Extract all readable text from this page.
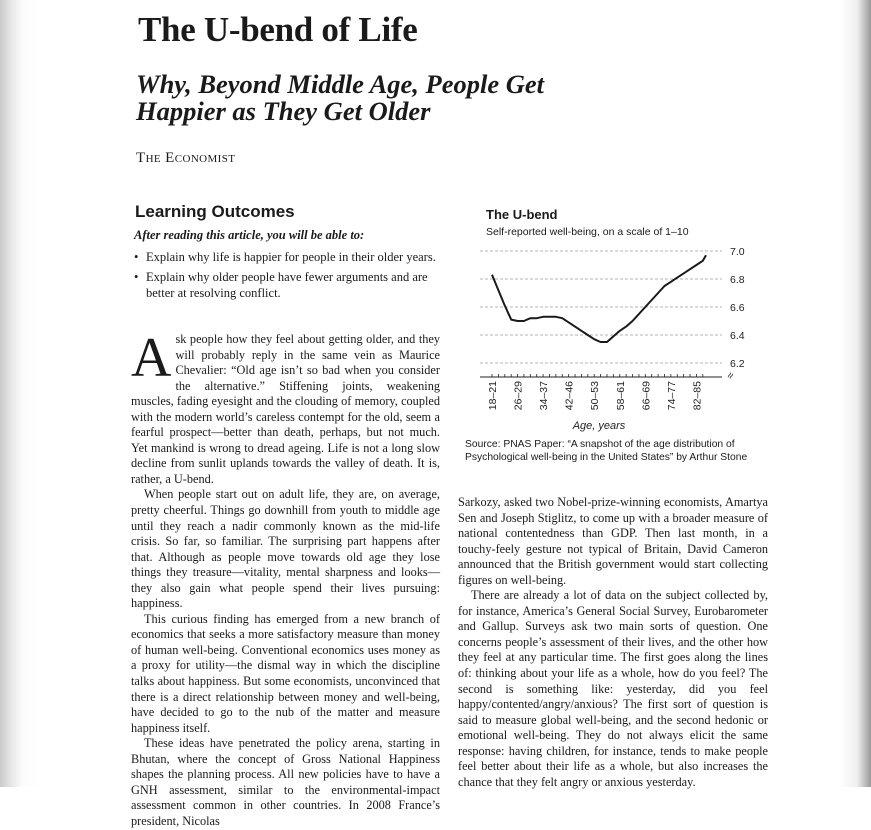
The U-bend of Life
Why, Beyond Middle Age, People Get Happier as They Get Older
The Economist
Learning Outcomes
After reading this article, you will be able to:
• Explain why life is happier for people in their older years.
• Explain why older people have fewer arguments and are better at resolving conflict.

Ask people how they feel about getting older, and they will probably reply in the same vein as Maurice Chevalier: “Old age isn’t so bad when you consider the alternative.” Stiffening joints, weakening muscles, fading eyesight and the clouding of memory, coupled with the modern world’s careless contempt for the old, seem a fearful prospect—better than death, perhaps, but not much. Yet mankind is wrong to dread ageing. Life is not a long slow decline from sunlit uplands towards the valley of death. It is, rather, a U-bend.

When people start out on adult life, they are, on average, pretty cheerful. Things go downhill from youth to middle age until they reach a nadir commonly known as the mid-life crisis. So far, so familiar. The surprising part happens after that. Although as people move towards old age they lose things they treasure—vitality, mental sharpness and looks—they also gain what people spend their lives pursuing: happiness.

This curious finding has emerged from a new branch of economics that seeks a more satisfactory measure than money of human well-being. Conventional economics uses money as a proxy for utility—the dismal way in which the discipline talks about happiness. But some economists, unconvinced that there is a direct relationship between money and well-being, have decided to go to the nub of the matter and measure happiness itself.

These ideas have penetrated the policy arena, starting in Bhutan, where the concept of Gross National Happiness shapes the planning process. All new policies have to have a GNH assessment, similar to the environmental-impact assessment common in other countries. In 2008 France’s president, Nicolas

Sarkozy, asked two Nobel-prize-winning economists, Amartya Sen and Joseph Stiglitz, to come up with a broader measure of national contentedness than GDP. Then last month, in a touchy-feely gesture not typical of Britain, David Cameron announced that the British government would start collecting figures on well-being.

There are already a lot of data on the subject collected by, for instance, America’s General Social Survey, Eurobarometer and Gallup. Surveys ask two main sorts of question. One concerns people’s assessment of their lives, and the other how they feel at any particular time. The first goes along the lines of: thinking about your life as a whole, how do you feel? The second is something like: yesterday, did you feel happy/contented/angry/anxious? The first sort of question is said to measure global well-being, and the second hedonic or emotional well-being. They do not always elicit the same response: having children, for instance, tends to make people feel better about their life as a whole, but also increases the chance that they felt angry or anxious yesterday.

The U-bend
Self-reported well-being, on a scale of 1–10
7.0
6.8
6.6
6.4
6.2
≈
18–21 26–29 34–37 42–46 50–53 58–61 66–69 74–77 82–85
Age, years
Source: PNAS Paper: “A snapshot of the age distribution of Psychological well-being in the United States” by Arthur Stone
